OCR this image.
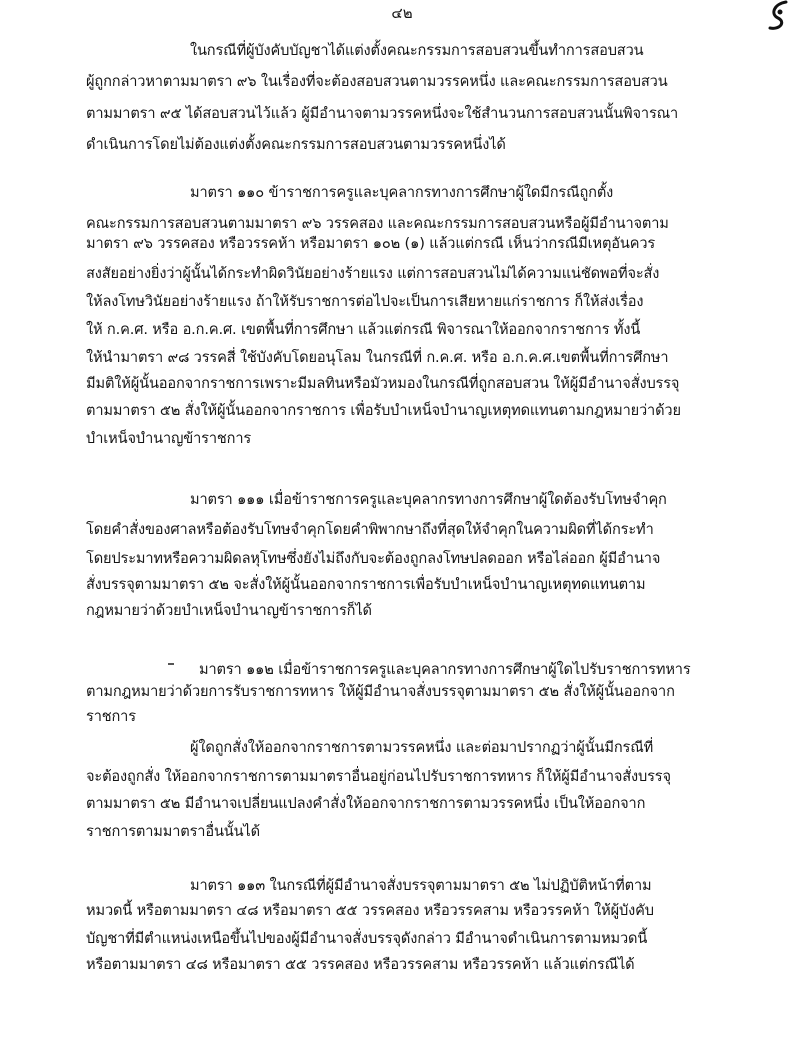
๔๒
ในกรณีที่ผู้บังคับบัญชาได้แต่งตั้งคณะกรรมการสอบสวนขึ้นทำการสอบสวน
ผู้ถูกกล่าวหาตามมาตรา ๙๖ ในเรื่องที่จะต้องสอบสวนตามวรรคหนึ่ง และคณะกรรมการสอบสวน
ตามมาตรา ๙๕ ได้สอบสวนไว้แล้ว ผู้มีอำนาจตามวรรคหนึ่งจะใช้สำนวนการสอบสวนนั้นพิจารณา
ดำเนินการโดยไม่ต้องแต่งตั้งคณะกรรมการสอบสวนตามวรรคหนึ่งได้
มาตรา ๑๑๐ ข้าราชการครูและบุคลากรทางการศึกษาผู้ใดมีกรณีถูกตั้ง
คณะกรรมการสอบสวนตามมาตรา ๙๖ วรรคสอง และคณะกรรมการสอบสวนหรือผู้มีอำนาจตาม
มาตรา ๙๖ วรรคสอง หรือวรรคห้า หรือมาตรา ๑๐๒ (๑) แล้วแต่กรณี เห็นว่ากรณีมีเหตุอันควร
สงสัยอย่างยิ่งว่าผู้นั้นได้กระทำผิดวินัยอย่างร้ายแรง แต่การสอบสวนไม่ได้ความแน่ชัดพอที่จะสั่ง
ให้ลงโทษวินัยอย่างร้ายแรง ถ้าให้รับราชการต่อไปจะเป็นการเสียหายแก่ราชการ ก็ให้ส่งเรื่อง
ให้ ก.ค.ศ. หรือ อ.ก.ค.ศ. เขตพื้นที่การศึกษา แล้วแต่กรณี พิจารณาให้ออกจากราชการ ทั้งนี้
ให้นำมาตรา ๙๘ วรรคสี่ ใช้บังคับโดยอนุโลม ในกรณีที่ ก.ค.ศ. หรือ อ.ก.ค.ศ.เขตพื้นที่การศึกษา
มีมติให้ผู้นั้นออกจากราชการเพราะมีมลทินหรือมัวหมองในกรณีที่ถูกสอบสวน ให้ผู้มีอำนาจสั่งบรรจุ
ตามมาตรา ๕๒ สั่งให้ผู้นั้นออกจากราชการ เพื่อรับบำเหน็จบำนาญเหตุทดแทนตามกฎหมายว่าด้วย
บำเหน็จบำนาญข้าราชการ
มาตรา ๑๑๑ เมื่อข้าราชการครูและบุคลากรทางการศึกษาผู้ใดต้องรับโทษจำคุก
โดยคำสั่งของศาลหรือต้องรับโทษจำคุกโดยคำพิพากษาถึงที่สุดให้จำคุกในความผิดที่ได้กระทำ
โดยประมาทหรือความผิดลหุโทษซึ่งยังไม่ถึงกับจะต้องถูกลงโทษปลดออก หรือไล่ออก ผู้มีอำนาจ
สั่งบรรจุตามมาตรา ๕๒ จะสั่งให้ผู้นั้นออกจากราชการเพื่อรับบำเหน็จบำนาญเหตุทดแทนตาม
กฎหมายว่าด้วยบำเหน็จบำนาญข้าราชการก็ได้
มาตรา ๑๑๒ เมื่อข้าราชการครูและบุคลากรทางการศึกษาผู้ใดไปรับราชการทหาร
ตามกฎหมายว่าด้วยการรับราชการทหาร ให้ผู้มีอำนาจสั่งบรรจุตามมาตรา ๕๒ สั่งให้ผู้นั้นออกจาก
ราชการ
ผู้ใดถูกสั่งให้ออกจากราชการตามวรรคหนึ่ง และต่อมาปรากฏว่าผู้นั้นมีกรณีที่
จะต้องถูกสั่ง ให้ออกจากราชการตามมาตราอื่นอยู่ก่อนไปรับราชการทหาร ก็ให้ผู้มีอำนาจสั่งบรรจุ
ตามมาตรา ๕๒ มีอำนาจเปลี่ยนแปลงคำสั่งให้ออกจากราชการตามวรรคหนึ่ง เป็นให้ออกจาก
ราชการตามมาตราอื่นนั้นได้
มาตรา ๑๑๓ ในกรณีที่ผู้มีอำนาจสั่งบรรจุตามมาตรา ๕๒ ไม่ปฏิบัติหน้าที่ตาม
หมวดนี้ หรือตามมาตรา ๔๘ หรือมาตรา ๕๕ วรรคสอง หรือวรรคสาม หรือวรรคห้า ให้ผู้บังคับ
บัญชาที่มีตำแหน่งเหนือขึ้นไปของผู้มีอำนาจสั่งบรรจุดังกล่าว มีอำนาจดำเนินการตามหมวดนี้
หรือตามมาตรา ๔๘ หรือมาตรา ๕๕ วรรคสอง หรือวรรคสาม หรือวรรคห้า แล้วแต่กรณีได้
